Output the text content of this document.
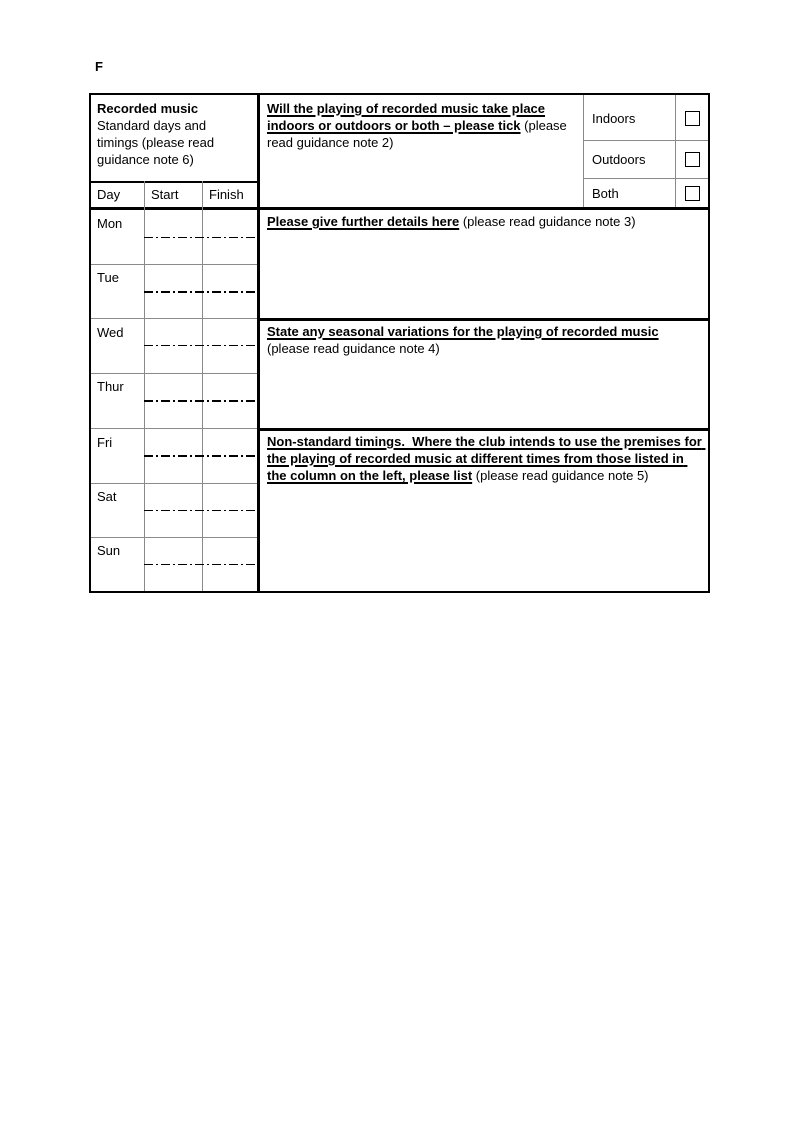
F
Recorded music
Standard days and timings (please read guidance note 6)
Will the playing of recorded music take place indoors or outdoors or both – please tick (please read guidance note 2)
Indoors
Outdoors
Both
Day Start Finish
Mon
Tue
Wed
Thur
Fri
Sat
Sun
Please give further details here (please read guidance note 3)
State any seasonal variations for the playing of recorded music (please read guidance note 4)
Non-standard timings.  Where the club intends to use the premises for the playing of recorded music at different times from those listed in the column on the left, please list (please read guidance note 5)
